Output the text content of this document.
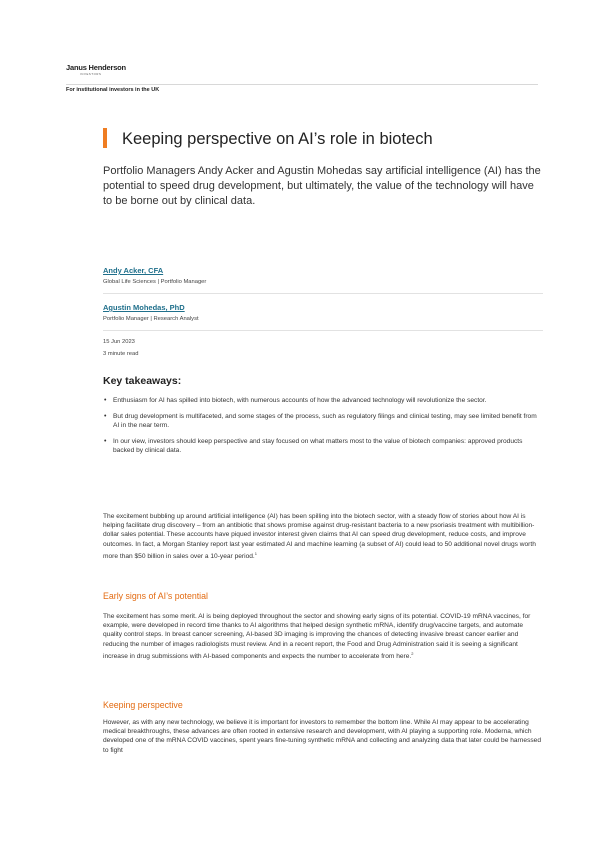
Janus Henderson
INVESTORS
For institutional investors in the UK
Keeping perspective on AI’s role in biotech

Portfolio Managers Andy Acker and Agustin Mohedas say artificial intelligence (AI) has the potential to speed drug development, but ultimately, the value of the technology will have to be borne out by clinical data.

Andy Acker, CFA
Global Life Sciences | Portfolio Manager
Agustin Mohedas, PhD
Portfolio Manager | Research Analyst
15 Jun 2023
3 minute read
Key takeaways:
• Enthusiasm for AI has spilled into biotech, with numerous accounts of how the advanced technology will revolutionize the sector.
• But drug development is multifaceted, and some stages of the process, such as regulatory filings and clinical testing, may see limited benefit from AI in the near term.
• In our view, investors should keep perspective and stay focused on what matters most to the value of biotech companies: approved products backed by clinical data.

The excitement bubbling up around artificial intelligence (AI) has been spilling into the biotech sector, with a steady flow of stories about how AI is helping facilitate drug discovery – from an antibiotic that shows promise against drug-resistant bacteria to a new psoriasis treatment with multibillion-dollar sales potential. These accounts have piqued investor interest given claims that AI can speed drug development, reduce costs, and improve outcomes. In fact, a Morgan Stanley report last year estimated AI and machine learning (a subset of AI) could lead to 50 additional novel drugs worth more than $50 billion in sales over a 10-year period.$^1$

Early signs of AI’s potential

The excitement has some merit. AI is being deployed throughout the sector and showing early signs of its potential. COVID-19 mRNA vaccines, for example, were developed in record time thanks to AI algorithms that helped design synthetic mRNA, identify drug/vaccine targets, and automate quality control steps. In breast cancer screening, AI-based 3D imaging is improving the chances of detecting invasive breast cancer earlier and reducing the number of images radiologists must review. And in a recent report, the Food and Drug Administration said it is seeing a significant increase in drug submissions with AI-based components and expects the number to accelerate from here.$^2$

Keeping perspective

However, as with any new technology, we believe it is important for investors to remember the bottom line. While AI may appear to be accelerating medical breakthroughs, these advances are often rooted in extensive research and development, with AI playing a supporting role. Moderna, which developed one of the mRNA COVID vaccines, spent years fine-tuning synthetic mRNA and collecting and analyzing data that later could be harnessed to fight
